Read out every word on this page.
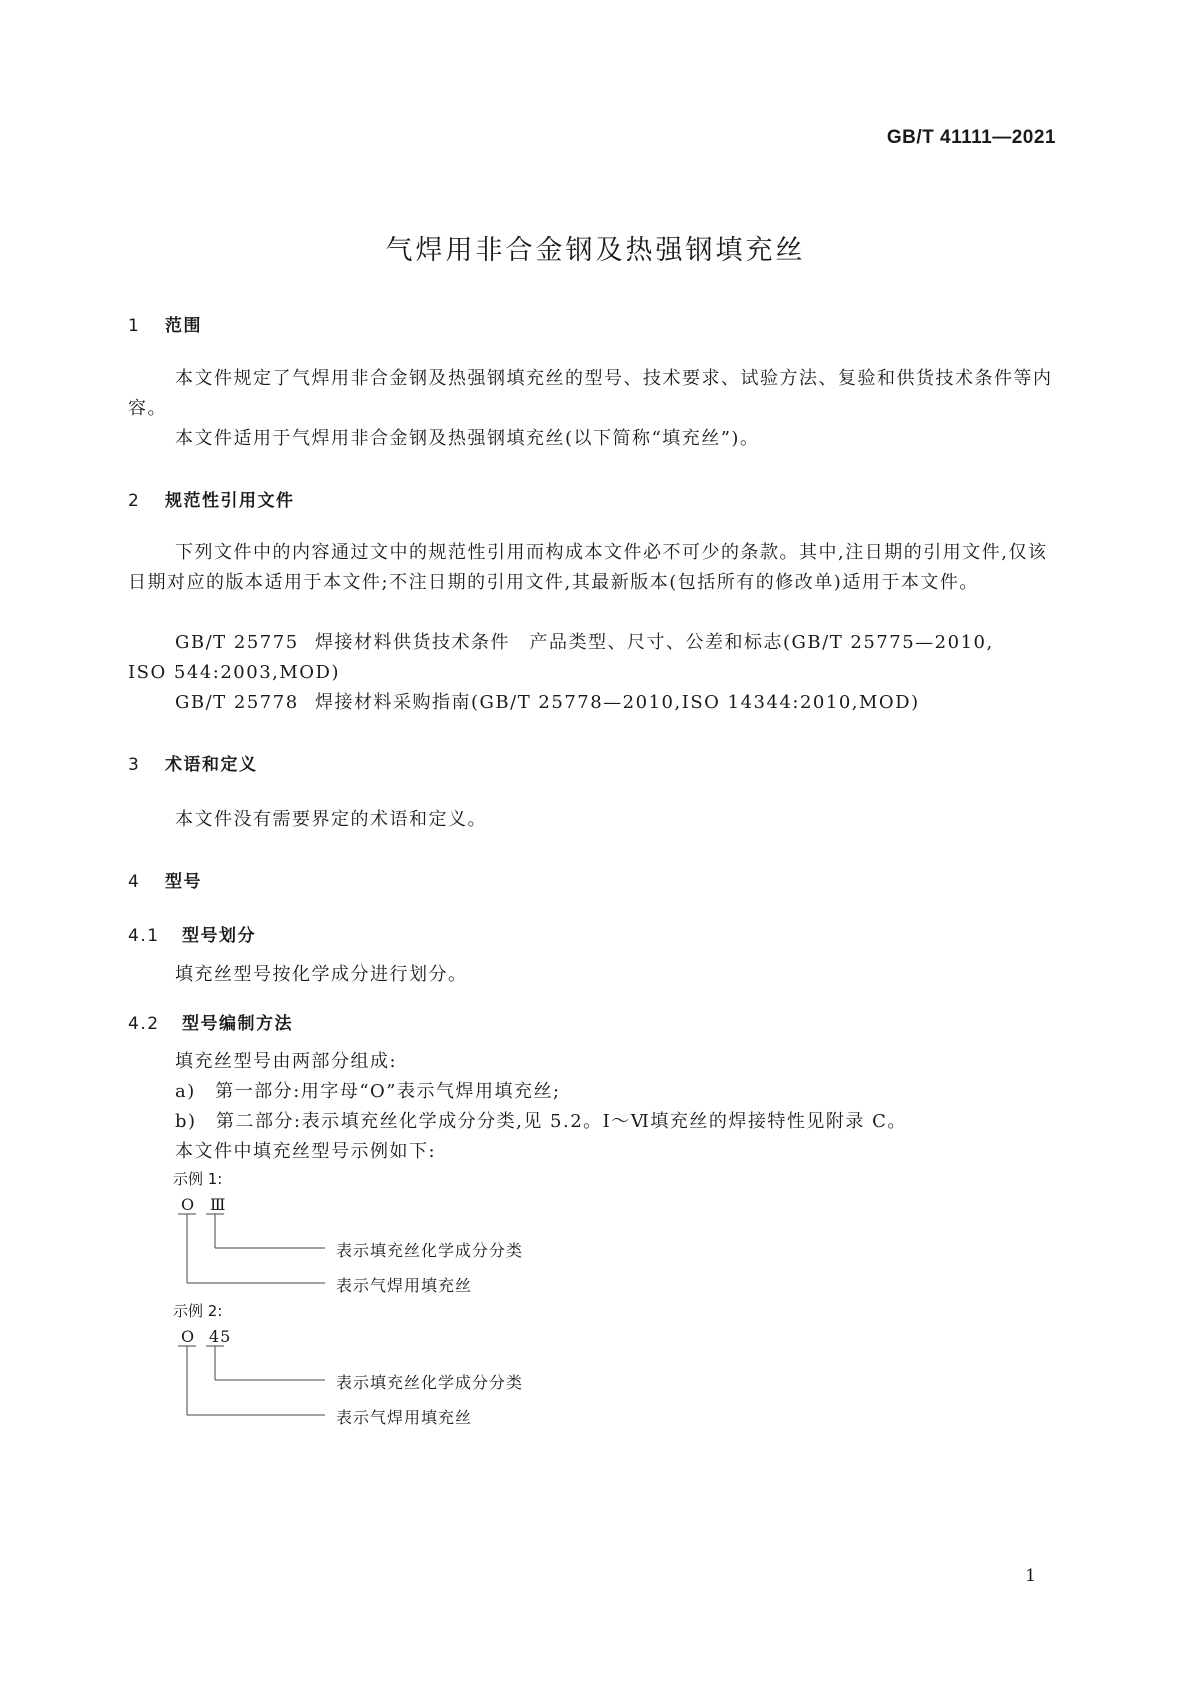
GB/T 41111—2021
气焊用非合金钢及热强钢填充丝
1 范围
本文件规定了气焊用非合金钢及热强钢填充丝的型号、技术要求、试验方法、复验和供货技术条件等内容。
本文件适用于气焊用非合金钢及热强钢填充丝(以下简称“填充丝”)。
2 规范性引用文件
下列文件中的内容通过文中的规范性引用而构成本文件必不可少的条款。其中,注日期的引用文件,仅该日期对应的版本适用于本文件;不注日期的引用文件,其最新版本(包括所有的修改单)适用于本文件。
GB/T 25775 焊接材料供货技术条件　产品类型、尺寸、公差和标志(GB/T 25775—2010,
ISO 544:2003,MOD)
GB/T 25778 焊接材料采购指南(GB/T 25778—2010,ISO 14344:2010,MOD)
3 术语和定义
本文件没有需要界定的术语和定义。
4 型号
4.1 型号划分
填充丝型号按化学成分进行划分。
4.2 型号编制方法
填充丝型号由两部分组成:
a)　第一部分:用字母“O”表示气焊用填充丝;
b)　第二部分:表示填充丝化学成分分类,见 5.2。Ⅰ～Ⅵ填充丝的焊接特性见附录 C。
本文件中填充丝型号示例如下:
示例 1:
O Ⅲ
表示填充丝化学成分分类
表示气焊用填充丝
示例 2:
O 45
表示填充丝化学成分分类
表示气焊用填充丝
1
